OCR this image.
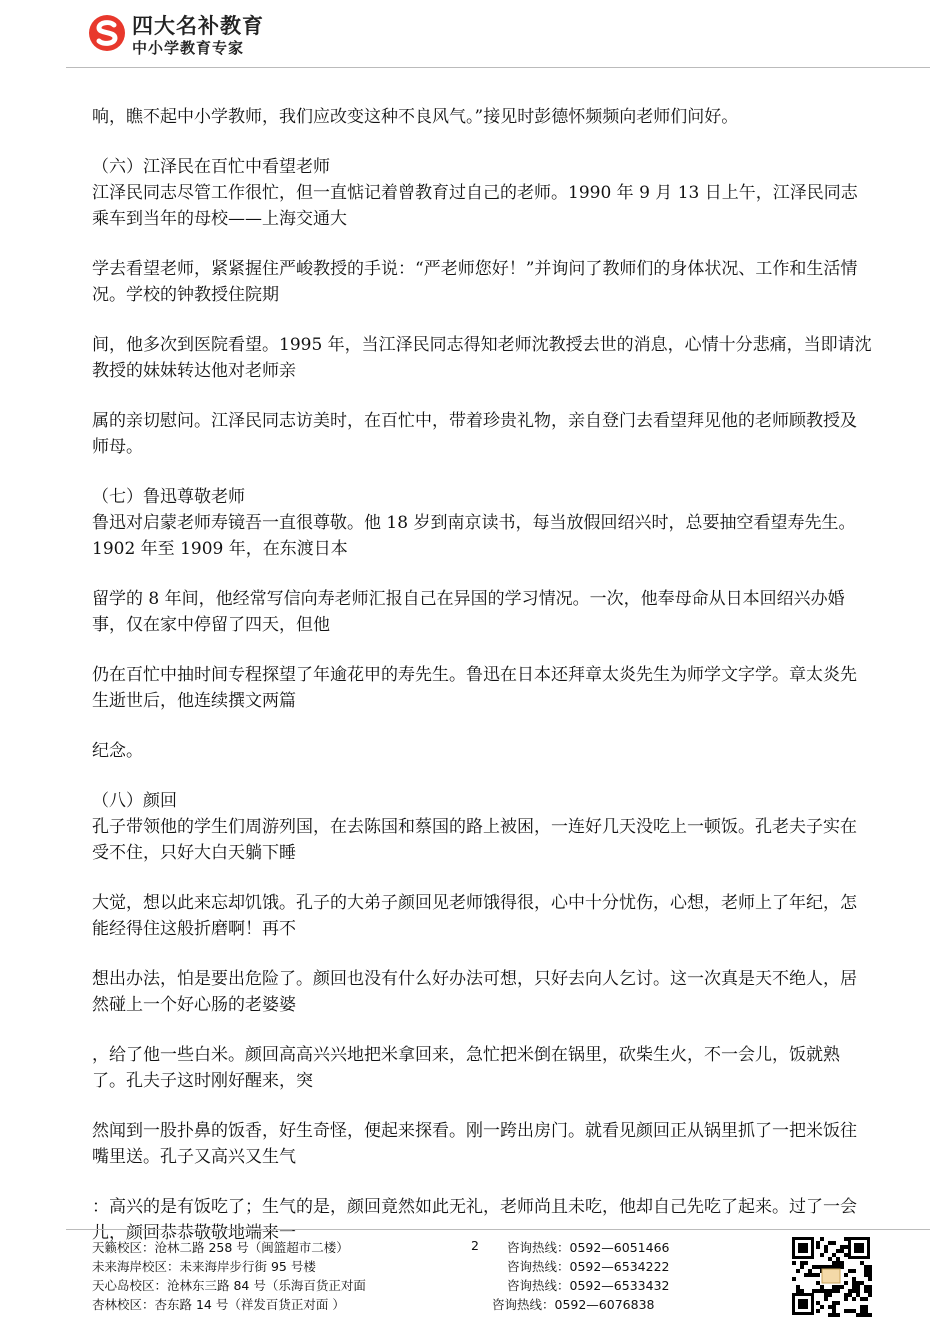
四大名补教育
中小学教育专家

响，瞧不起中小学教师，我们应改变这种不良风气。”接见时彭德怀频频向老师们问好。

（六）江泽民在百忙中看望老师

江泽民同志尽管工作很忙，但一直惦记着曾教育过自己的老师。1990 年 9 月 13 日上午，江泽民同志乘车到当年的母校——上海交通大

学去看望老师，紧紧握住严峻教授的手说：“严老师您好！”并询问了教师们的身体状况、工作和生活情况。学校的钟教授住院期

间，他多次到医院看望。1995 年，当江泽民同志得知老师沈教授去世的消息，心情十分悲痛，当即请沈教授的妹妹转达他对老师亲

属的亲切慰问。江泽民同志访美时，在百忙中，带着珍贵礼物，亲自登门去看望拜见他的老师顾教授及师母。

（七）鲁迅尊敬老师

鲁迅对启蒙老师寿镜吾一直很尊敬。他 18 岁到南京读书，每当放假回绍兴时，总要抽空看望寿先生。1902 年至 1909 年，在东渡日本

留学的 8 年间，他经常写信向寿老师汇报自己在异国的学习情况。一次，他奉母命从日本回绍兴办婚事，仅在家中停留了四天，但他

仍在百忙中抽时间专程探望了年逾花甲的寿先生。鲁迅在日本还拜章太炎先生为师学文字学。章太炎先生逝世后，他连续撰文两篇

纪念。

（八）颜回

孔子带领他的学生们周游列国，在去陈国和蔡国的路上被困，一连好几天没吃上一顿饭。孔老夫子实在受不住，只好大白天躺下睡

大觉，想以此来忘却饥饿。孔子的大弟子颜回见老师饿得很，心中十分忧伤，心想，老师上了年纪，怎能经得住这般折磨啊！再不

想出办法，怕是要出危险了。颜回也没有什么好办法可想，只好去向人乞讨。这一次真是天不绝人，居然碰上一个好心肠的老婆婆

，给了他一些白米。颜回高高兴兴地把米拿回来，急忙把米倒在锅里，砍柴生火，不一会儿，饭就熟了。孔夫子这时刚好醒来，突

然闻到一股扑鼻的饭香，好生奇怪，便起来探看。刚一跨出房门。就看见颜回正从锅里抓了一把米饭往嘴里送。孔子又高兴又生气

：高兴的是有饭吃了；生气的是，颜回竟然如此无礼，老师尚且未吃，他却自己先吃了起来。过了一会儿，颜回恭恭敬敬地端来一

天籁校区：沧林二路 258 号（闽篮超市二楼）	2 咨询热线：0592—6051466
未来海岸校区：未来海岸步行街 95 号楼	咨询热线：0592—6534222
天心岛校区：沧林东三路 84 号（乐海百货正对面	咨询热线：0592—6533432
杏林校区：杏东路 14 号（祥发百货正对面 ）	咨询热线：0592—6076838
